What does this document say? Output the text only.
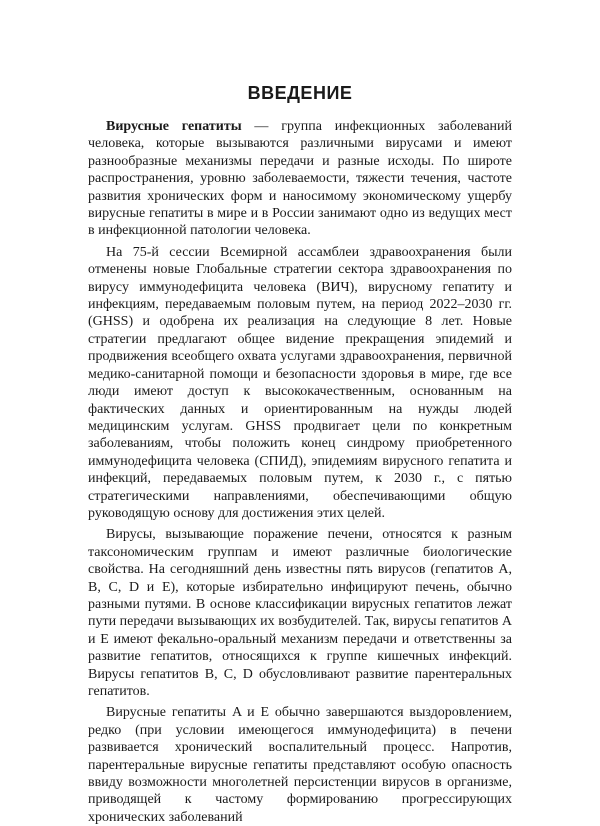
ВВЕДЕНИЕ

Вирусные гепатиты — группа инфекционных заболеваний человека, которые вызываются различными вирусами и имеют разнообразные механизмы передачи и разные исходы. По широте распространения, уровню заболеваемости, тяжести течения, частоте развития хронических форм и наносимому экономическому ущербу вирусные гепатиты в мире и в России занимают одно из ведущих мест в инфекционной патологии человека.

На 75-й сессии Всемирной ассамблеи здравоохранения были отменены новые Глобальные стратегии сектора здравоохранения по вирусу иммунодефицита человека (ВИЧ), вирусному гепатиту и инфекциям, передаваемым половым путем, на период 2022–2030 гг. (GHSS) и одобрена их реализация на следующие 8 лет. Новые стратегии предлагают общее видение прекращения эпидемий и продвижения всеобщего охвата услугами здравоохранения, первичной медико-санитарной помощи и безопасности здоровья в мире, где все люди имеют доступ к высококачественным, основанным на фактических данных и ориентированным на нужды людей медицинским услугам. GHSS продвигает цели по конкретным заболеваниям, чтобы положить конец синдрому приобретенного иммунодефицита человека (СПИД), эпидемиям вирусного гепатита и инфекций, передаваемых половым путем, к 2030 г., с пятью стратегическими направлениями, обеспечивающими общую руководящую основу для достижения этих целей.

Вирусы, вызывающие поражение печени, относятся к разным таксономическим группам и имеют различные биологические свойства. На сегодняшний день известны пять вирусов (гепатитов A, B, C, D и E), которые избирательно инфицируют печень, обычно разными путями. В основе классификации вирусных гепатитов лежат пути передачи вызывающих их возбудителей. Так, вирусы гепатитов A и E имеют фекально-оральный механизм передачи и ответственны за развитие гепатитов, относящихся к группе кишечных инфекций. Вирусы гепатитов B, C, D обусловливают развитие парентеральных гепатитов.

Вирусные гепатиты A и E обычно завершаются выздоровлением, редко (при условии имеющегося иммунодефицита) в печени развивается хронический воспалительный процесс. Напротив, парентеральные вирусные гепатиты представляют особую опасность ввиду возможности многолетней персистенции вирусов в организме, приводящей к частому формированию прогрессирующих хронических заболеваний
